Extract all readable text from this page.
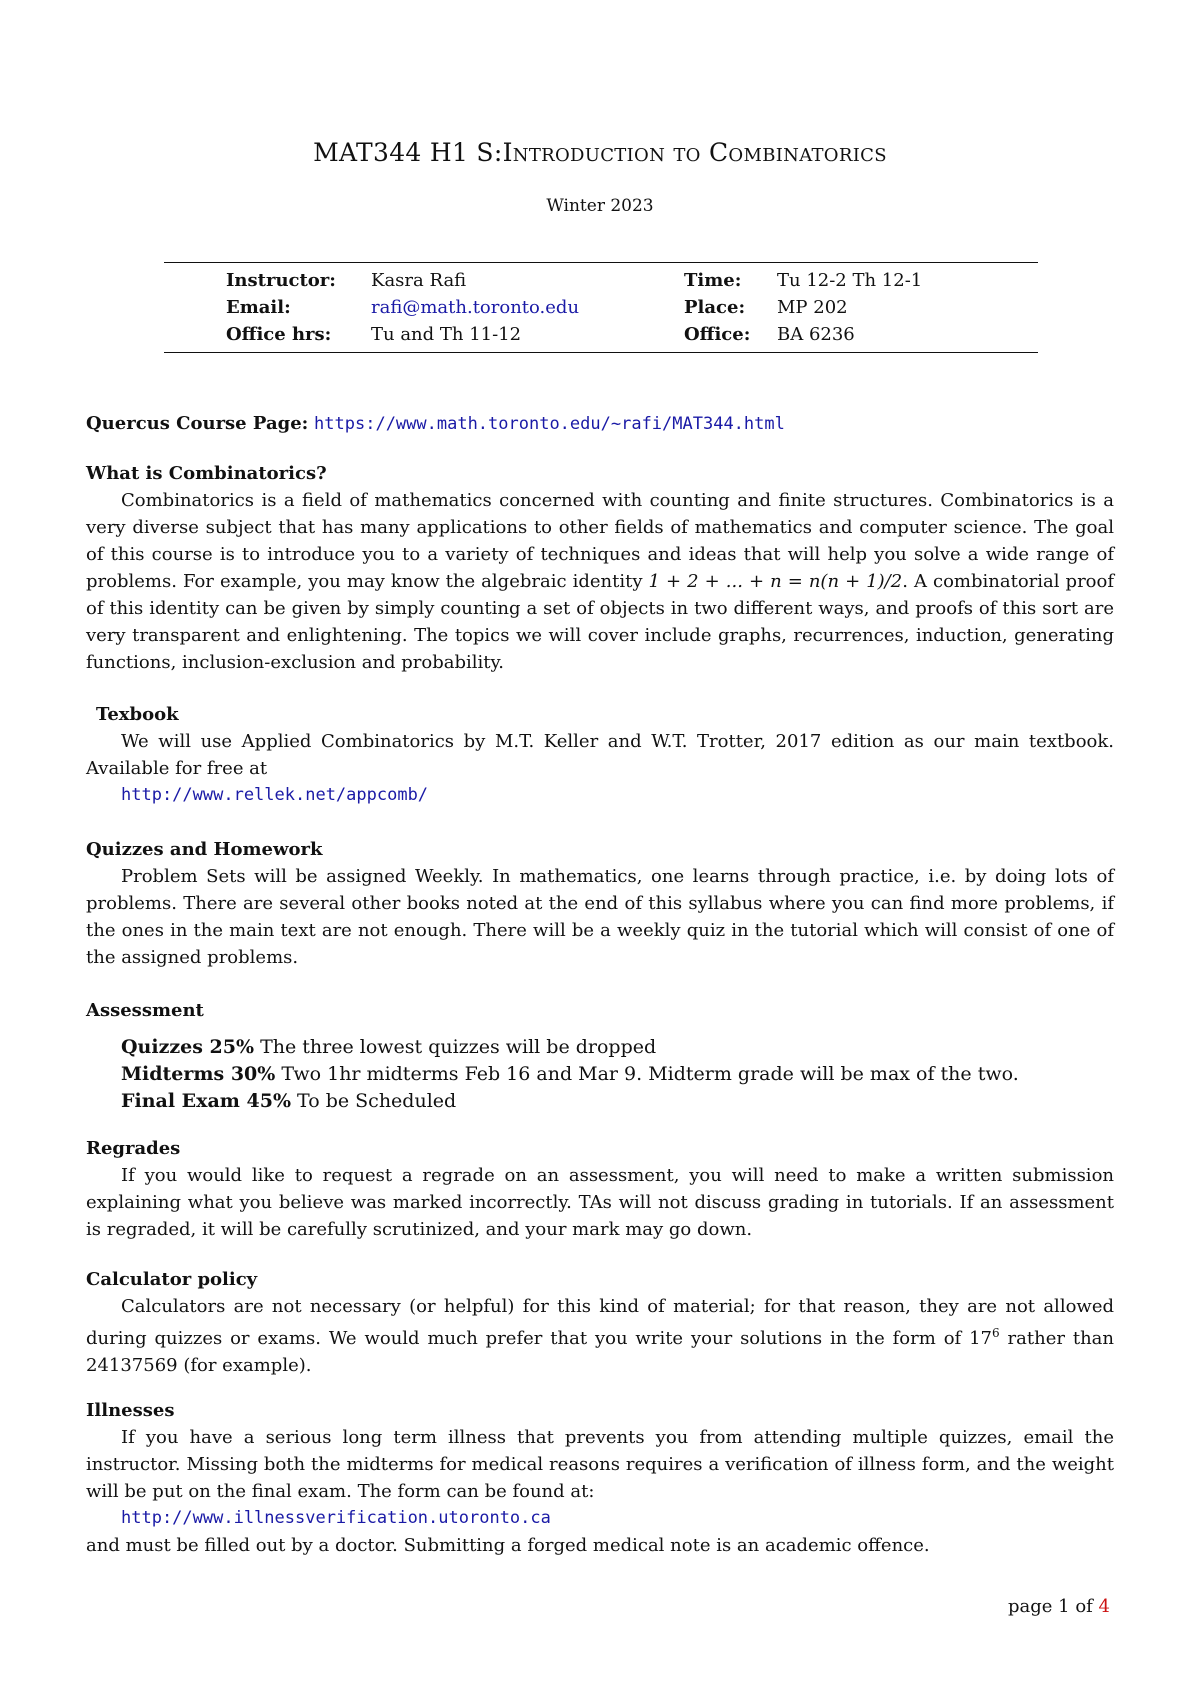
MAT344 H1 S:Introduction to Combinatorics
Winter 2023
Instructor: Kasra Rafi	Time: Tu 12-2 Th 12-1
Email:	rafi@math.toronto.edu	Place: MP 202
Office hrs: Tu and Th 11-12	Office: BA 6236
Quercus Course Page: https://www.math.toronto.edu/~rafi/MAT344.html
What is Combinatorics?
Combinatorics is a field of mathematics concerned with counting and finite structures. Combinatorics is a very diverse subject that has many applications to other fields of mathematics and computer science. The goal of this course is to introduce you to a variety of techniques and ideas that will help you solve a wide range of problems. For example, you may know the algebraic identity 1 + 2 + ... + n = n(n + 1)/2. A combinatorial proof of this identity can be given by simply counting a set of objects in two different ways, and proofs of this sort are very transparent and enlightening. The topics we will cover include graphs, recurrences, induction, generating functions, inclusion-exclusion and probability.
Texbook
We will use Applied Combinatorics by M.T. Keller and W.T. Trotter, 2017 edition as our main textbook. Available for free at
http://www.rellek.net/appcomb/
Quizzes and Homework
Problem Sets will be assigned Weekly. In mathematics, one learns through practice, i.e. by doing lots of problems. There are several other books noted at the end of this syllabus where you can find more problems, if the ones in the main text are not enough. There will be a weekly quiz in the tutorial which will consist of one of the assigned problems.
Assessment
Quizzes 25% The three lowest quizzes will be dropped
Midterms 30% Two 1hr midterms Feb 16 and Mar 9. Midterm grade will be max of the two.
Final Exam 45% To be Scheduled
Regrades
If you would like to request a regrade on an assessment, you will need to make a written submission explaining what you believe was marked incorrectly. TAs will not discuss grading in tutorials. If an assessment is regraded, it will be carefully scrutinized, and your mark may go down.
Calculator policy
Calculators are not necessary (or helpful) for this kind of material; for that reason, they are not allowed during quizzes or exams. We would much prefer that you write your solutions in the form of $17^6$ rather than 24137569 (for example).
Illnesses
If you have a serious long term illness that prevents you from attending multiple quizzes, email the instructor. Missing both the midterms for medical reasons requires a verification of illness form, and the weight will be put on the final exam. The form can be found at:
http://www.illnessverification.utoronto.ca
and must be filled out by a doctor. Submitting a forged medical note is an academic offence.
page 1 of 4
